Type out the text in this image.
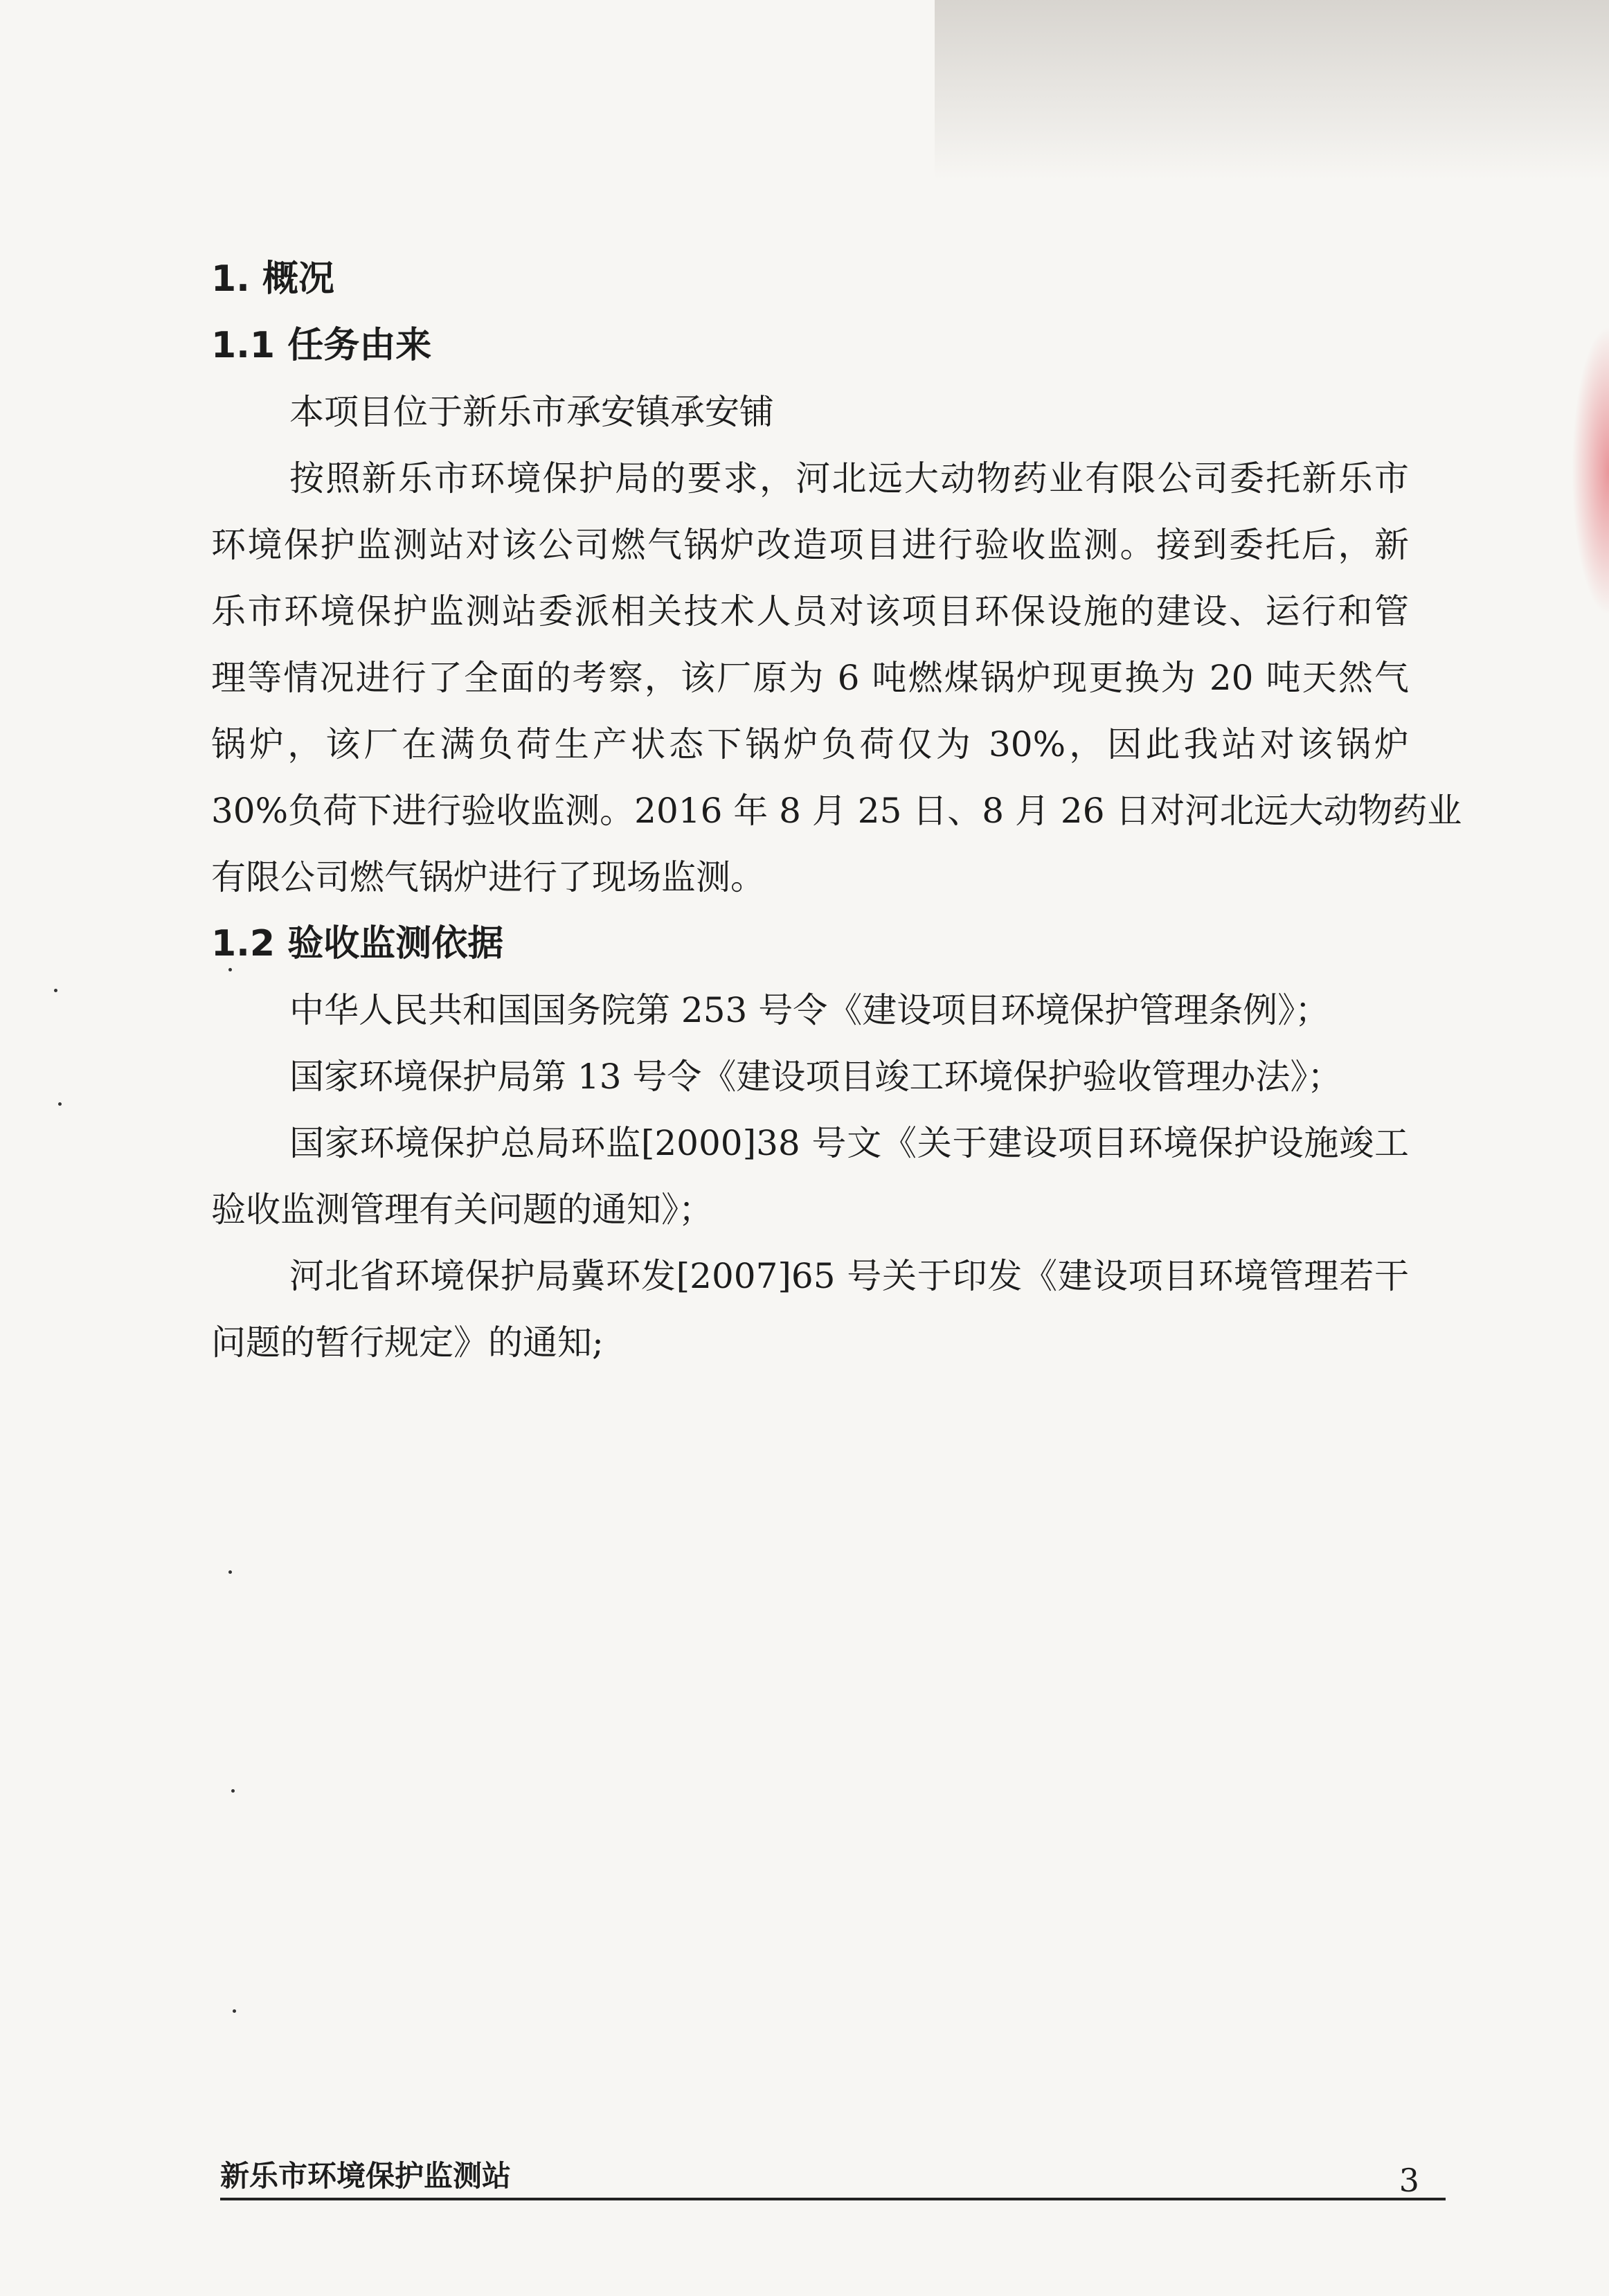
1. 概况
1.1 任务由来
本项目位于新乐市承安镇承安铺
按照新乐市环境保护局的要求，河北远大动物药业有限公司委托新乐市
环境保护监测站对该公司燃气锅炉改造项目进行验收监测。接到委托后，新
乐市环境保护监测站委派相关技术人员对该项目环保设施的建设、运行和管
理等情况进行了全面的考察，该厂原为 6 吨燃煤锅炉现更换为 20 吨天然气
锅炉，该厂在满负荷生产状态下锅炉负荷仅为 30%，因此我站对该锅炉
30%负荷下进行验收监测。2016 年 8 月 25 日、8 月 26 日对河北远大动物药业
有限公司燃气锅炉进行了现场监测。
1.2 验收监测依据
中华人民共和国国务院第 253 号令《建设项目环境保护管理条例》；
国家环境保护局第 13 号令《建设项目竣工环境保护验收管理办法》；
国家环境保护总局环监[2000]38 号文《关于建设项目环境保护设施竣工
验收监测管理有关问题的通知》；
河北省环境保护局冀环发[2007]65 号关于印发《建设项目环境管理若干
问题的暂行规定》的通知;
新乐市环境保护监测站	3
